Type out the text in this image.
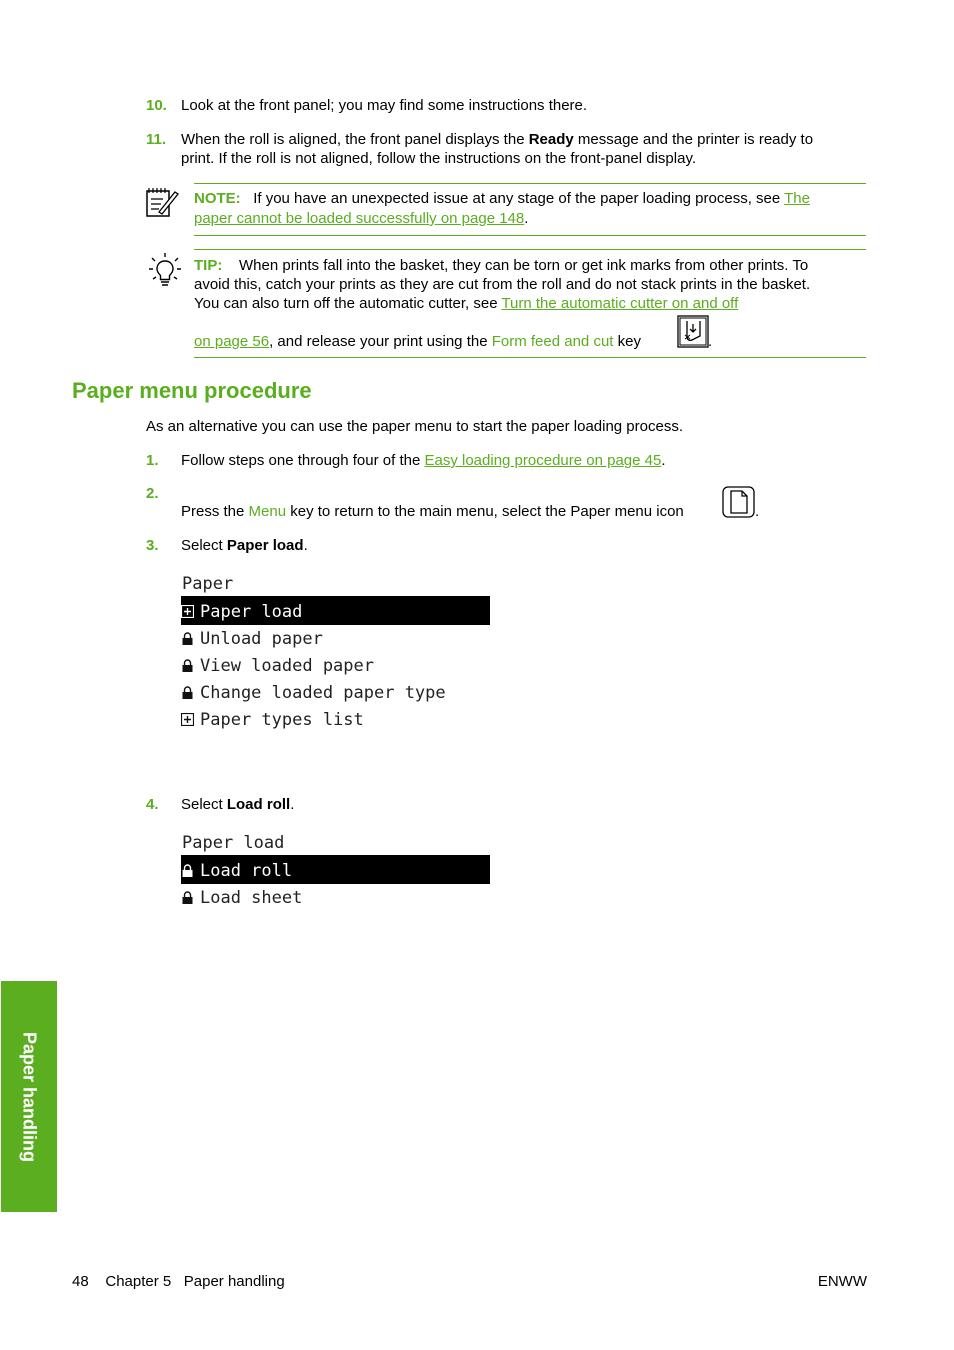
10. Look at the front panel; you may find some instructions there.
11. When the roll is aligned, the front panel displays the Ready message and the printer is ready to
print. If the roll is not aligned, follow the instructions on the front-panel display.
NOTE: If you have an unexpected issue at any stage of the paper loading process, see The
paper cannot be loaded successfully on page 148.
TIP: When prints fall into the basket, they can be torn or get ink marks from other prints. To
avoid this, catch your prints as they are cut from the roll and do not stack prints in the basket.
You can also turn off the automatic cutter, see Turn the automatic cutter on and off
on page 56, and release your print using the Form feed and cut key	.
Paper menu procedure
As an alternative you can use the paper menu to start the paper loading process.
1. Follow steps one through four of the Easy loading procedure on page 45.
2.
Press the Menu key to return to the main menu, select the Paper menu icon	.
3. Select Paper load.
Paper
Paper load
Unload paper
View loaded paper
Change loaded paper type
Paper types list
4. Select Load roll.
Paper load
Load roll
Load sheet
Paper handling
48 Chapter 5 Paper handling	ENWW
